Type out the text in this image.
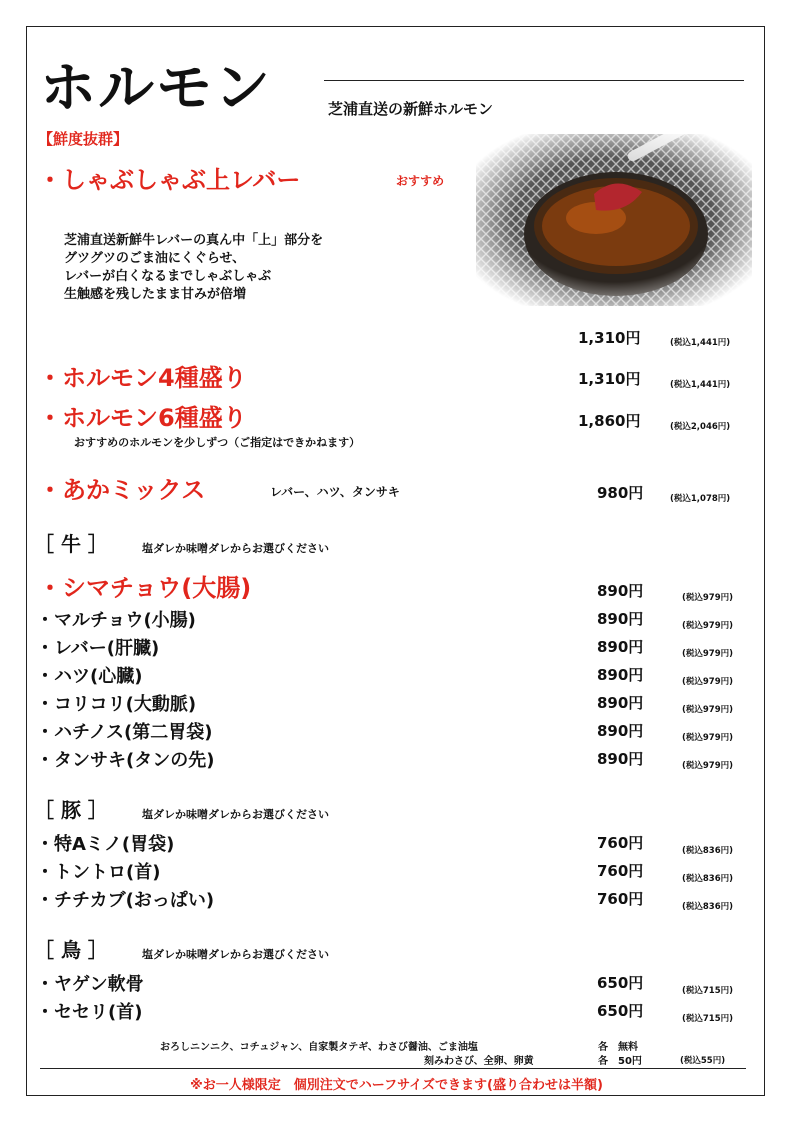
ホルモン	芝浦直送の新鮮ホルモン
【鮮度抜群】
・しゃぶしゃぶ上レバー	おすすめ
芝浦直送新鮮牛レバーの真ん中「上」部分を
グツグツのごま油にくぐらせ、
レバーが白くなるまでしゃぶしゃぶ
生触感を残したまま甘みが倍増
1,310円	(税込1,441円)
・ホルモン4種盛り	1,310円	(税込1,441円)
・ホルモン6種盛り	1,860円	(税込2,046円)
おすすめのホルモンを少しずつ（ご指定はできかねます）
・あかミックス	レバー、ハツ、タンサキ	980円	(税込1,078円)
［ 牛 ］	塩ダレか味噌ダレからお選びください
・シマチョウ(大腸)	890円	(税込979円)
・マルチョウ(小腸)	890円	(税込979円)
・レバー(肝臓)	890円	(税込979円)
・ハツ(心臓)	890円	(税込979円)
・コリコリ(大動脈)	890円	(税込979円)
・ハチノス(第二胃袋)	890円	(税込979円)
・タンサキ(タンの先)	890円	(税込979円)
［ 豚 ］	塩ダレか味噌ダレからお選びください
・特Aミノ(胃袋)	760円	(税込836円)
・トントロ(首)	760円	(税込836円)
・チチカブ(おっぱい)	760円	(税込836円)
［ 鳥 ］	塩ダレか味噌ダレからお選びください
・ヤゲン軟骨	650円	(税込715円)
・セセリ(首)	650円	(税込715円)
おろしニンニク、コチュジャン、自家製タテギ、わさび醤油、ごま油塩	各　無料
刻みわさび、全卵、卵黄	各　50円	(税込55円)
※お一人様限定　個別注文でハーフサイズできます(盛り合わせは半額)
